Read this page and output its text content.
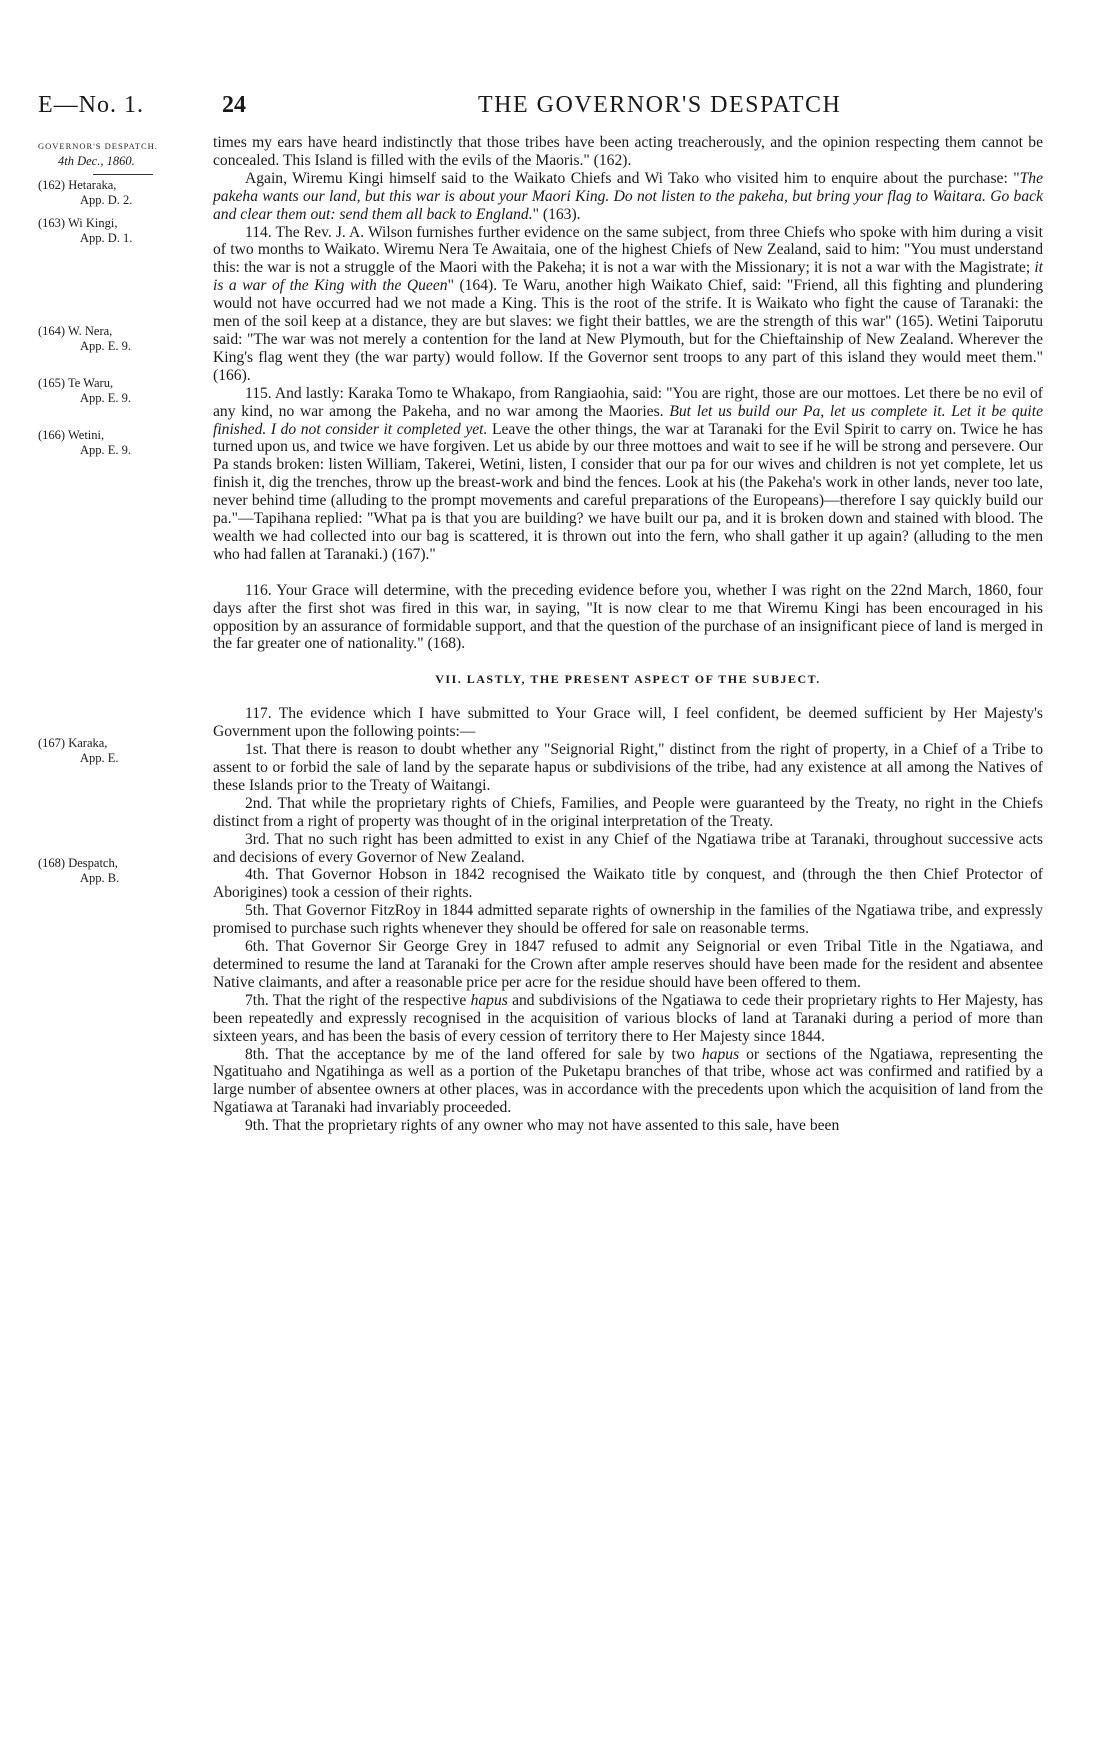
E—No. 1.	24	THE GOVERNOR'S DESPATCH
GOVERNOR'S DESPATCH.
4th Dec., 1860.
(162) Hetaraka,
App. D. 2.
(163) Wi Kingi,
App. D. 1.
(164) W. Nera,
App. E. 9.
(165) Te Waru,
App. E. 9.
(166) Wetini,
App. E. 9.
(167) Karaka,
App. E.
(168) Despatch,
App. B.

times my ears have heard indistinctly that those tribes have been acting treacherously, and the opinion respecting them cannot be concealed. This Island is filled with the evils of the Maoris." (162).

Again, Wiremu Kingi himself said to the Waikato Chiefs and Wi Tako who visited him to enquire about the purchase: "The pakeha wants our land, but this war is about your Maori King. Do not listen to the pakeha, but bring your flag to Waitara. Go back and clear them out: send them all back to England." (163).

114. The Rev. J. A. Wilson furnishes further evidence on the same subject, from three Chiefs who spoke with him during a visit of two months to Waikato. Wiremu Nera Te Awaitaia, one of the highest Chiefs of New Zealand, said to him: "You must understand this: the war is not a struggle of the Maori with the Pakeha; it is not a war with the Missionary; it is not a war with the Magistrate; it is a war of the King with the Queen" (164). Te Waru, another high Waikato Chief, said: "Friend, all this fighting and plundering would not have occurred had we not made a King. This is the root of the strife. It is Waikato who fight the cause of Taranaki: the men of the soil keep at a distance, they are but slaves: we fight their battles, we are the strength of this war" (165). Wetini Taiporutu said: "The war was not merely a contention for the land at New Plymouth, but for the Chieftainship of New Zealand. Wherever the King's flag went they (the war party) would follow. If the Governor sent troops to any part of this island they would meet them." (166).

115. And lastly: Karaka Tomo te Whakapo, from Rangiaohia, said: "You are right, those are our mottoes. Let there be no evil of any kind, no war among the Pakeha, and no war among the Maories. But let us build our Pa, let us complete it. Let it be quite finished. I do not consider it completed yet. Leave the other things, the war at Taranaki for the Evil Spirit to carry on. Twice he has turned upon us, and twice we have forgiven. Let us abide by our three mottoes and wait to see if he will be strong and persevere. Our Pa stands broken: listen William, Takerei, Wetini, listen, I consider that our pa for our wives and children is not yet complete, let us finish it, dig the trenches, throw up the breast-work and bind the fences. Look at his (the Pakeha's work in other lands, never too late, never behind time (alluding to the prompt movements and careful preparations of the Europeans)—therefore I say quickly build our pa."—Tapihana replied: "What pa is that you are building? we have built our pa, and it is broken down and stained with blood. The wealth we had collected into our bag is scattered, it is thrown out into the fern, who shall gather it up again? (alluding to the men who had fallen at Taranaki.) (167)."

116. Your Grace will determine, with the preceding evidence before you, whether I was right on the 22nd March, 1860, four days after the first shot was fired in this war, in saying, "It is now clear to me that Wiremu Kingi has been encouraged in his opposition by an assurance of formidable support, and that the question of the purchase of an insignificant piece of land is merged in the far greater one of nationality." (168).

VII. LASTLY, THE PRESENT ASPECT OF THE SUBJECT.

117. The evidence which I have submitted to Your Grace will, I feel confident, be deemed sufficient by Her Majesty's Government upon the following points:—

1st. That there is reason to doubt whether any "Seignorial Right," distinct from the right of property, in a Chief of a Tribe to assent to or forbid the sale of land by the separate hapus or subdivisions of the tribe, had any existence at all among the Natives of these Islands prior to the Treaty of Waitangi.

2nd. That while the proprietary rights of Chiefs, Families, and People were guaranteed by the Treaty, no right in the Chiefs distinct from a right of property was thought of in the original interpretation of the Treaty.

3rd. That no such right has been admitted to exist in any Chief of the Ngatiawa tribe at Taranaki, throughout successive acts and decisions of every Governor of New Zealand.

4th. That Governor Hobson in 1842 recognised the Waikato title by conquest, and (through the then Chief Protector of Aborigines) took a cession of their rights.

5th. That Governor FitzRoy in 1844 admitted separate rights of ownership in the families of the Ngatiawa tribe, and expressly promised to purchase such rights whenever they should be offered for sale on reasonable terms.

6th. That Governor Sir George Grey in 1847 refused to admit any Seignorial or even Tribal Title in the Ngatiawa, and determined to resume the land at Taranaki for the Crown after ample reserves should have been made for the resident and absentee Native claimants, and after a reasonable price per acre for the residue should have been offered to them.

7th. That the right of the respective hapus and subdivisions of the Ngatiawa to cede their proprietary rights to Her Majesty, has been repeatedly and expressly recognised in the acquisition of various blocks of land at Taranaki during a period of more than sixteen years, and has been the basis of every cession of territory there to Her Majesty since 1844.

8th. That the acceptance by me of the land offered for sale by two hapus or sections of the Ngatiawa, representing the Ngatituaho and Ngatihinga as well as a portion of the Puketapu branches of that tribe, whose act was confirmed and ratified by a large number of absentee owners at other places, was in accordance with the precedents upon which the acquisition of land from the Ngatiawa at Taranaki had invariably proceeded.

9th. That the proprietary rights of any owner who may not have assented to this sale, have been
